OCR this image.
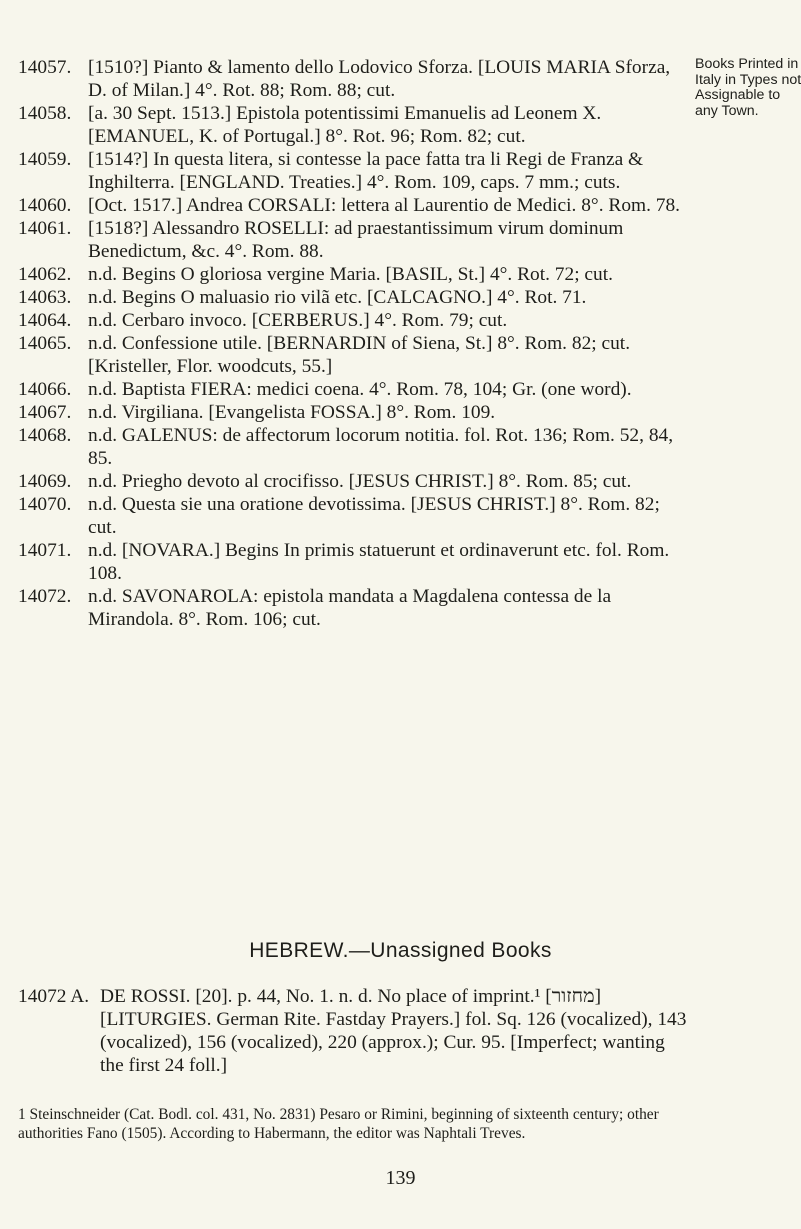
Books Printed in Italy in Types not Assignable to any Town.
14057. [1510?] Pianto & lamento dello Lodovico Sforza. [LOUIS MARIA Sforza, D. of Milan.] 4°. Rot. 88; Rom. 88; cut.
14058. [a. 30 Sept. 1513.] Epistola potentissimi Emanuelis ad Leonem X. [EMANUEL, K. of Portugal.] 8°. Rot. 96; Rom. 82; cut.
14059. [1514?] In questa litera, si contesse la pace fatta tra li Regi de Franza & Inghilterra. [ENGLAND. Treaties.] 4°. Rom. 109, caps. 7 mm.; cuts.
14060. [Oct. 1517.] Andrea CORSALI: lettera al Laurentio de Medici. 8°. Rom. 78.
14061. [1518?] Alessandro ROSELLI: ad praestantissimum virum dominum Benedictum, &c. 4°. Rom. 88.
14062. n.d. Begins O gloriosa vergine Maria. [BASIL, St.] 4°. Rot. 72; cut.
14063. n.d. Begins O maluasio rio vilã etc. [CALCAGNO.] 4°. Rot. 71.
14064. n.d. Cerbaro invoco. [CERBERUS.] 4°. Rom. 79; cut.
14065. n.d. Confessione utile. [BERNARDIN of Siena, St.] 8°. Rom. 82; cut. [Kristeller, Flor. woodcuts, 55.]
14066. n.d. Baptista FIERA: medici coena. 4°. Rom. 78, 104; Gr. (one word).
14067. n.d. Virgiliana. [Evangelista FOSSA.] 8°. Rom. 109.
14068. n.d. GALENUS: de affectorum locorum notitia. fol. Rot. 136; Rom. 52, 84, 85.
14069. n.d. Priegho devoto al crocifisso. [JESUS CHRIST.] 8°. Rom. 85; cut.
14070. n.d. Questa sie una oratione devotissima. [JESUS CHRIST.] 8°. Rom. 82; cut.
14071. n.d. [NOVARA.] Begins In primis statuerunt et ordinaverunt etc. fol. Rom. 108.
14072. n.d. SAVONAROLA: epistola mandata a Magdalena contessa de la Mirandola. 8°. Rom. 106; cut.
HEBREW.—Unassigned Books
14072 A. DE ROSSI. [20]. p. 44, No. 1. n. d. No place of imprint.¹ [מחזור] [LITURGIES. German Rite. Fastday Prayers.] fol. Sq. 126 (vocalized), 143 (vocalized), 156 (vocalized), 220 (approx.); Cur. 95. [Imperfect; wanting the first 24 foll.]
1 Steinschneider (Cat. Bodl. col. 431, No. 2831) Pesaro or Rimini, beginning of sixteenth century; other authorities Fano (1505). According to Habermann, the editor was Naphtali Treves.
139
